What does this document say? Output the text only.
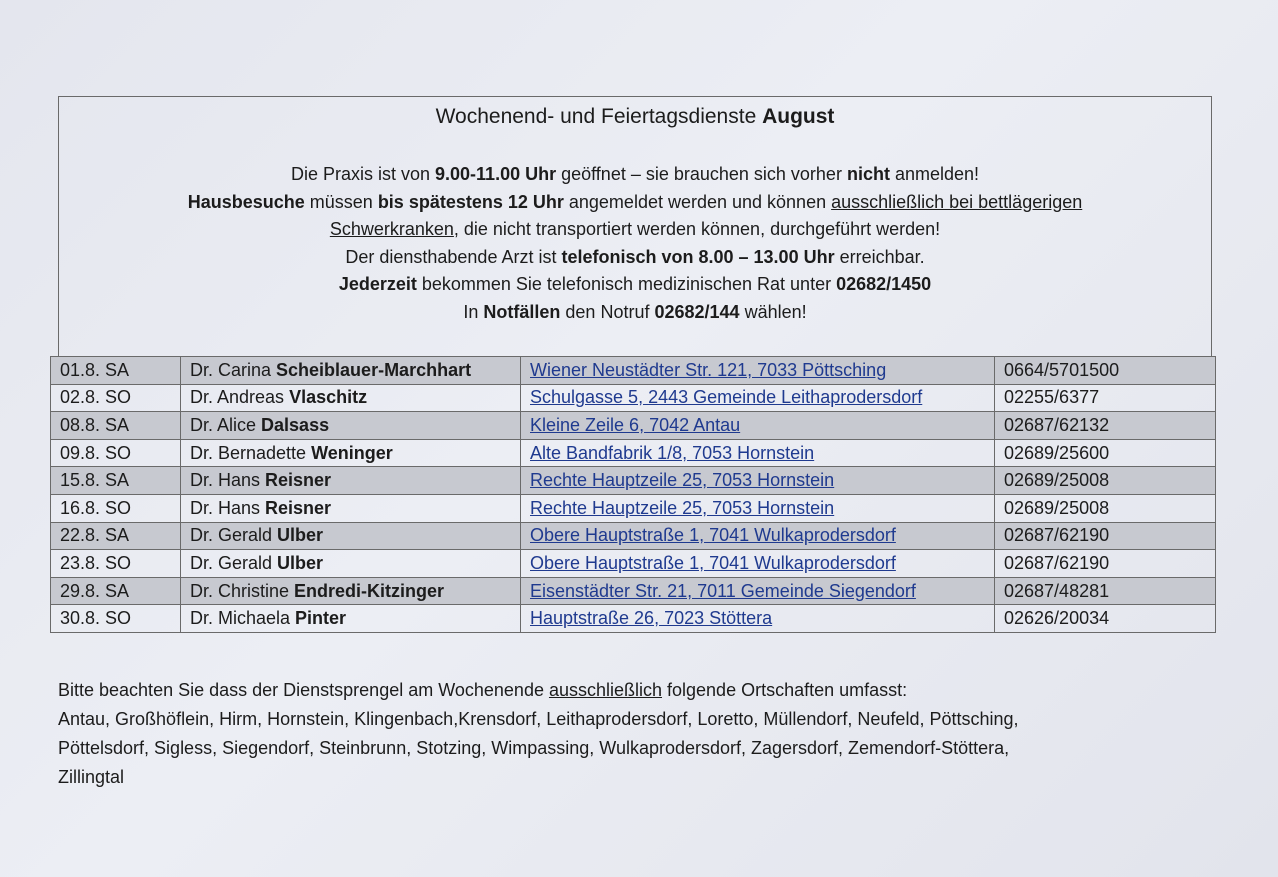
Wochenend- und Feiertagsdienste August
Die Praxis ist von 9.00-11.00 Uhr geöffnet – sie brauchen sich vorher nicht anmelden!
Hausbesuche müssen bis spätestens 12 Uhr angemeldet werden und können ausschließlich bei bettlägerigen
Schwerkranken, die nicht transportiert werden können, durchgeführt werden!
Der diensthabende Arzt ist telefonisch von 8.00 – 13.00 Uhr erreichbar.
Jederzeit bekommen Sie telefonisch medizinischen Rat unter 02682/1450
In Notfällen den Notruf 02682/144 wählen!
01.8. SA	Dr. Carina Scheiblauer-Marchhart	Wiener Neustädter Str. 121, 7033 Pöttsching	0664/5701500
02.8. SO	Dr. Andreas Vlaschitz	Schulgasse 5, 2443 Gemeinde Leithaprodersdorf	02255/6377
08.8. SA	Dr. Alice Dalsass	Kleine Zeile 6, 7042 Antau	02687/62132
09.8. SO	Dr. Bernadette Weninger	Alte Bandfabrik 1/8, 7053 Hornstein	02689/25600
15.8. SA	Dr. Hans Reisner	Rechte Hauptzeile 25, 7053 Hornstein	02689/25008
16.8. SO	Dr. Hans Reisner	Rechte Hauptzeile 25, 7053 Hornstein	02689/25008
22.8. SA	Dr. Gerald Ulber	Obere Hauptstraße 1, 7041 Wulkaprodersdorf	02687/62190
23.8. SO	Dr. Gerald Ulber	Obere Hauptstraße 1, 7041 Wulkaprodersdorf	02687/62190
29.8. SA	Dr. Christine Endredi-Kitzinger	Eisenstädter Str. 21, 7011 Gemeinde Siegendorf	02687/48281
30.8. SO	Dr. Michaela Pinter	Hauptstraße 26, 7023 Stöttera	02626/20034
Bitte beachten Sie dass der Dienstsprengel am Wochenende ausschließlich folgende Ortschaften umfasst:
Antau, Großhöflein, Hirm, Hornstein, Klingenbach,Krensdorf, Leithaprodersdorf, Loretto, Müllendorf, Neufeld, Pöttsching,
Pöttelsdorf, Sigless, Siegendorf, Steinbrunn, Stotzing, Wimpassing, Wulkaprodersdorf, Zagersdorf, Zemendorf-Stöttera,
Zillingtal
